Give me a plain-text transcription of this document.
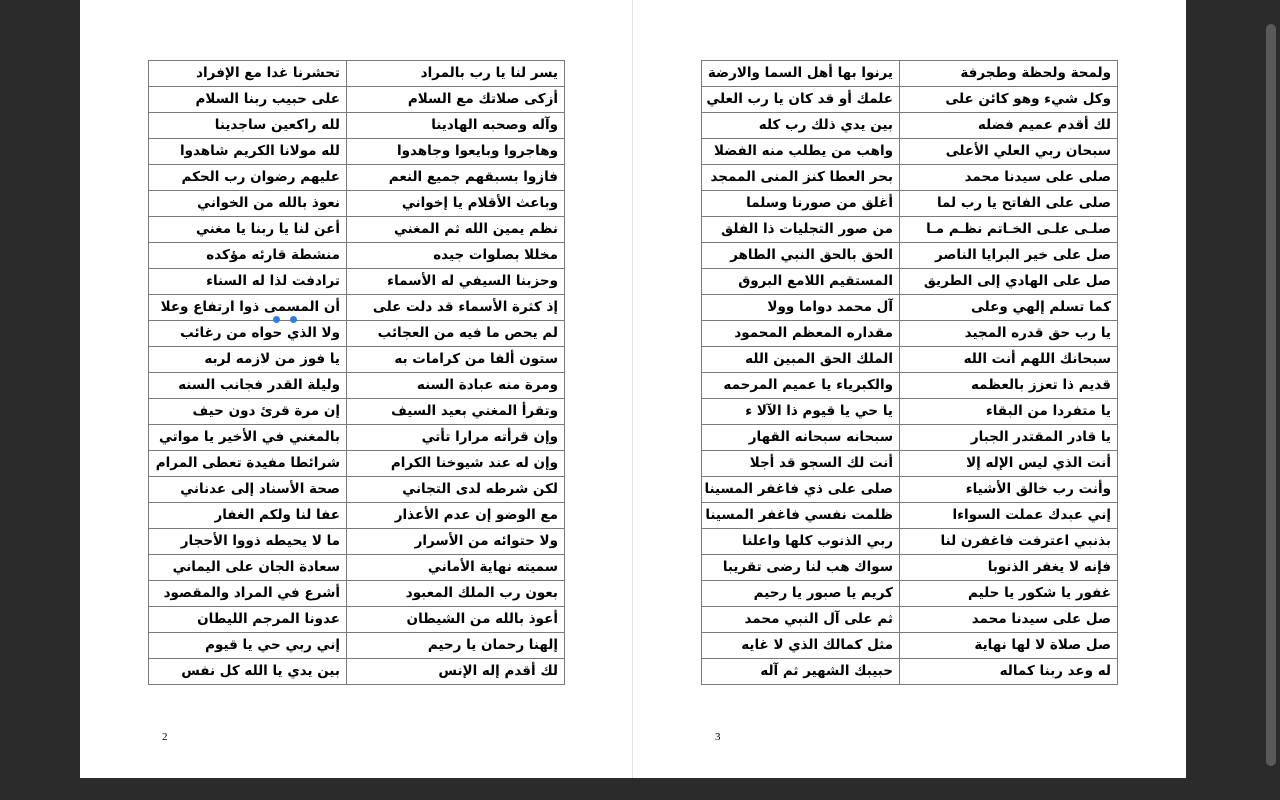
يسر لنا يا رب بالمراد	تحشرنا غدا مع الإفراد
أزكى صلاتك مع السلام	على حبيب ربنا السلام
وآله وصحبه الهادينا	لله راكعين ساجدينا
وهاجروا وبايعوا وجاهدوا	لله مولانا الكريم شاهدوا
فازوا بسبقهم جميع النعم	عليهم رضوان رب الحكم
وباعث الأقلام يا إخواني	نعوذ بالله من الخواني
نظم يمين الله ثم المغني	أعن لنا يا ربنا يا مغني
مخللا بصلوات جيده	منشطة قارئه مؤكده
وحزبنا السيفي له الأسماء	ترادفت لذا له السناء
إذ كثرة الأسماء قد دلت على	أن المسمى ذوا ارتفاع وعلا
لم يحص ما فيه من العجائب	ولا الذي حواه من رغائب
ستون ألفا من كرامات به	يا فوز من لازمه لربه
ومرة منه عبادة السنه	وليلة القدر فجانب السنه
وتقرأ المغني بعيد السيف	إن مرة قرئ دون حيف
وإن قرأته مرارا تأتي	بالمغني في الأخير يا مواتي
وإن له عند شيوخنا الكرام	شرائطا مفيدة تعطى المرام
لكن شرطه لدى التجاني	صحة الأسناد إلى عدناني
مع الوضو إن عدم الأعذار	عفا لنا ولكم الغفار
ولا حتوائه من الأسرار	ما لا يحيطه ذووا الأحجار
سميته نهاية الأماني	سعادة الجان على اليماني
بعون رب الملك المعبود	أشرع في المراد والمقصود
أعوذ بالله من الشيطان	عدونا المرجم الليطان
إلهنا رحمان يا رحيم	إني ربي حي يا قيوم
لك أقدم إله الإنس	بين يدي يا الله كل نفس
ولمحة ولحظة وطجرفة	يرنوا بها أهل السما والارضة
وكل شيء وهو كائن على	علمك أو قد كان يا رب العلي
لك أقدم عميم فضله	بين يدي ذلك رب كله
سبحان ربي العلي الأعلى	واهب من يطلب منه الفضلا
صلى على سيدنا محمد	بحر العطا كنز المنى الممجد
صلى على الفاتح يا رب لما	أغلق من صورنا وسلما
صلـى علـى الخـاتم نظـم مـا	من صور التجليات ذا الفلق
صل على خير البرايا الناصر	الحق بالحق النبي الطاهر
صل على الهادي إلى الطريق	المستقيم اللامع البروق
كما تسلم إلهي وعلى	آل محمد دواما وولا
يا رب حق قدره المجيد	مقداره المعظم المحمود
سبحانك اللهم أنت الله	الملك الحق المبين الله
قديم ذا تعزز بالعظمه	والكبرياء يا عميم المرحمه
يا متفردا من البقاء	يا حي يا قيوم ذا الآلا ء
يا قادر المقتدر الجبار	سبحانه سبحانه القهار
أنت الذي ليس الإله إلا	أنت لك السجو قد أجلا
وأنت رب خالق الأشياء	صلى على ذي فاغفر المسينا
إني عبدك عملت السواءا	ظلمت نفسي فاغفر المسينا
بذنبي اعترفت فاغفرن لنا	ربي الذنوب كلها واعلنا
فإنه لا يغفر الذنوبا	سواك هب لنا رضى تقريبا
غفور يا شكور يا حليم	كريم يا صبور يا رحيم
صل على سيدنا محمد	ثم على آل النبي محمد
صل صلاة لا لها نهاية	مثل كمالك الذي لا غايه
له وعد ربنا كماله	حبيبك الشهير ثم آله
2	3
